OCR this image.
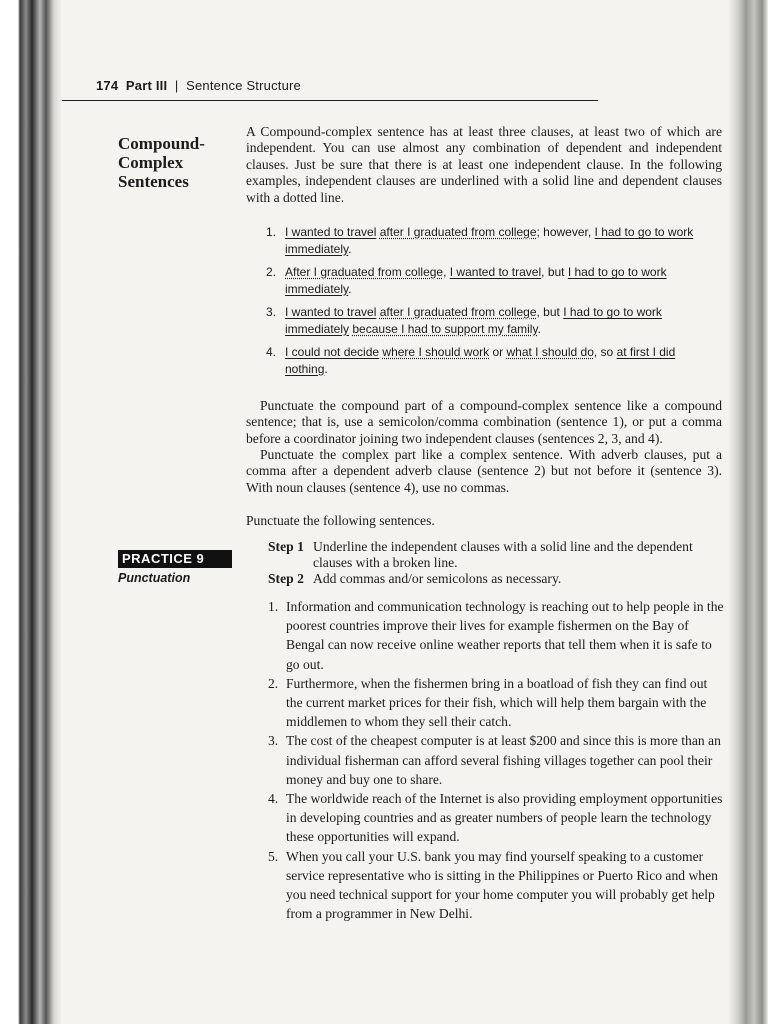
174 Part III | Sentence Structure
Compound-
Complex
Sentences

A Compound-complex sentence has at least three clauses, at least two of which are independent. You can use almost any combination of dependent and independent clauses. Just be sure that there is at least one independent clause. In the following examples, independent clauses are underlined with a solid line and dependent clauses with a dotted line.

1. I wanted to travel after I graduated from college; however, I had to go to work immediately.
2. After I graduated from college, I wanted to travel, but I had to go to work immediately.
3. I wanted to travel after I graduated from college, but I had to go to work immediately because I had to support my family.
4. I could not decide where I should work or what I should do, so at first I did nothing.

Punctuate the compound part of a compound-complex sentence like a compound sentence; that is, use a semicolon/comma combination (sentence 1), or put a comma before a coordinator joining two independent clauses (sentences 2, 3, and 4).

Punctuate the complex part like a complex sentence. With adverb clauses, put a comma after a dependent adverb clause (sentence 2) but not before it (sentence 3). With noun clauses (sentence 4), use no commas.

Punctuate the following sentences.

PRACTICE 9
Punctuation
Step 1 Underline the independent clauses with a solid line and the dependent clauses with a broken line.
Step 2 Add commas and/or semicolons as necessary.
1. Information and communication technology is reaching out to help people in the poorest countries improve their lives for example fishermen on the Bay of Bengal can now receive online weather reports that tell them when it is safe to go out.
2. Furthermore, when the fishermen bring in a boatload of fish they can find out the current market prices for their fish, which will help them bargain with the middlemen to whom they sell their catch.
3. The cost of the cheapest computer is at least $200 and since this is more than an individual fisherman can afford several fishing villages together can pool their money and buy one to share.
4. The worldwide reach of the Internet is also providing employment opportunities in developing countries and as greater numbers of people learn the technology these opportunities will expand.
5. When you call your U.S. bank you may find yourself speaking to a customer service representative who is sitting in the Philippines or Puerto Rico and when you need technical support for your home computer you will probably get help from a programmer in New Delhi.
